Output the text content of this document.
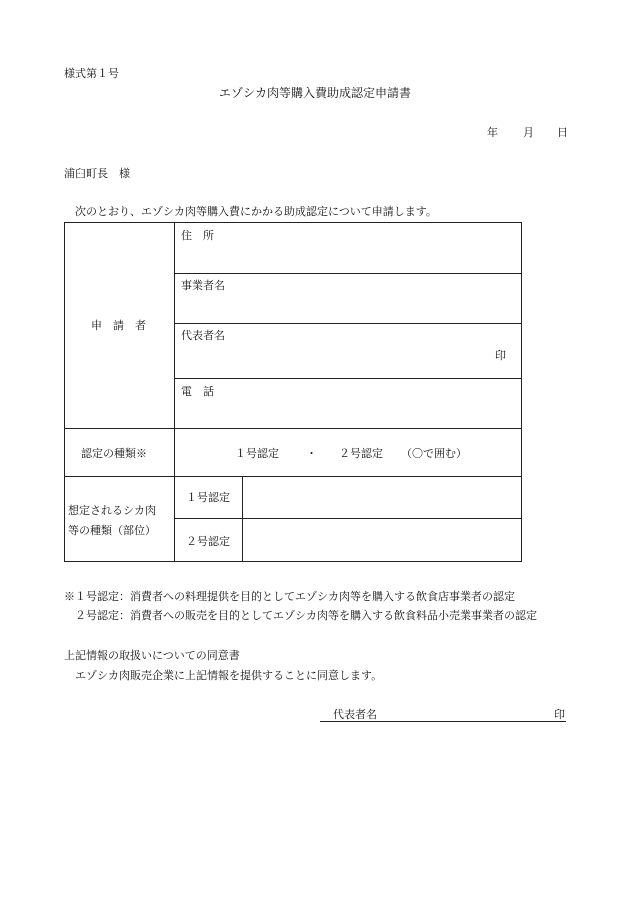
様式第１号
エゾシカ肉等購入費助成認定申請書
年 月 日
浦臼町長　様
次のとおり、エゾシカ肉等購入費にかかる助成認定について申請します。
申　請　者
住　所
事業者名
代表者名
印
電　話
認定の種類※	１号認定 ・ ２号認定 （〇で囲む）
想定されるシカ肉
等の種類（部位）
１号認定
２号認定
※１号認定：消費者への料理提供を目的としてエゾシカ肉等を購入する飲食店事業者の認定
２号認定：消費者への販売を目的としてエゾシカ肉等を購入する飲食料品小売業事業者の認定
上記情報の取扱いについての同意書
エゾシカ肉販売企業に上記情報を提供することに同意します。
代表者名	印
